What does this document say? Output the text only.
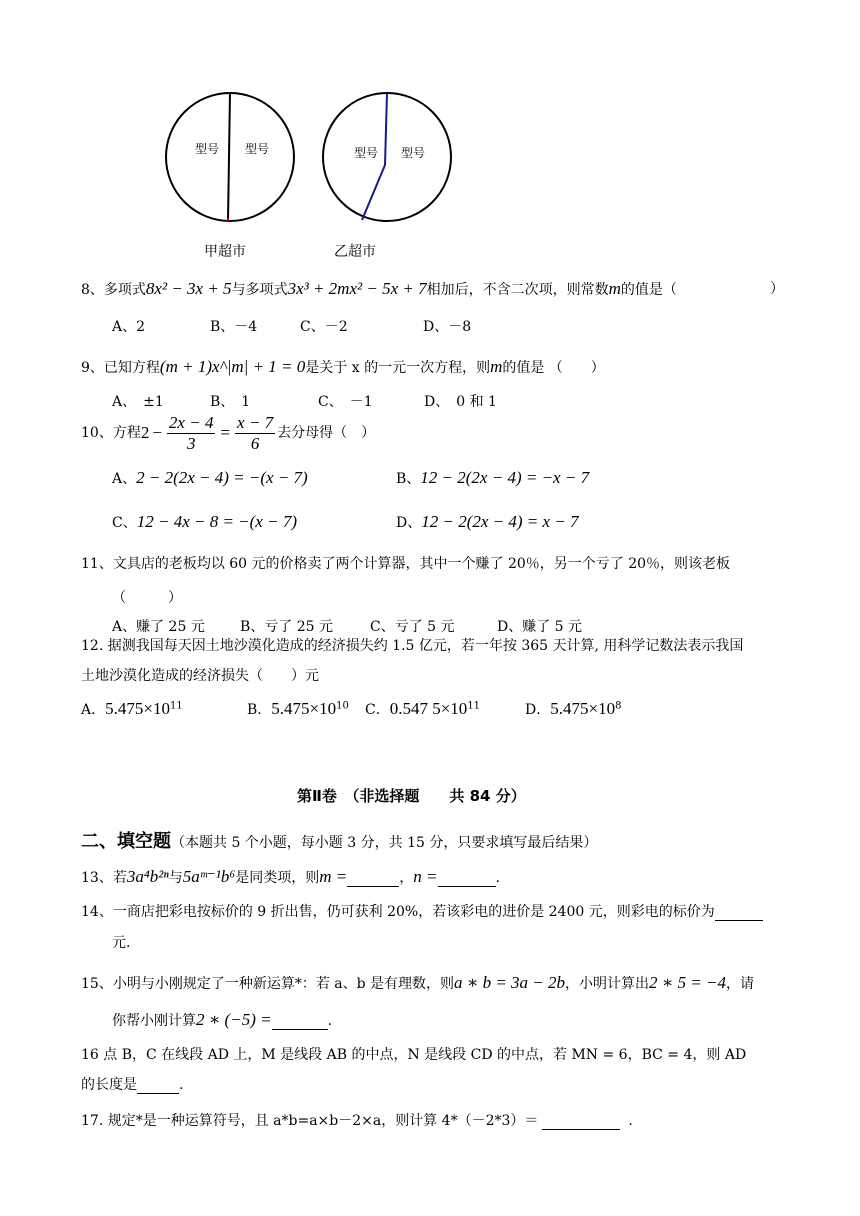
型号 型号	型号 型号
甲超市	乙超市
8、多项式8x² − 3x + 5与多项式3x³ + 2mx² − 5x + 7相加后，不含二次项，则常数m的值是（	）
A、2	B、－4	C、－2	D、－8
9、已知方程(m + 1)x^|m| + 1 = 0是关于 x 的一元一次方程，则m的值是 （　　）
A、　±1	B、　1	C、　－1	D、　0 和 1
10、 方程 $2 - \frac{2x - 4}{3} = \frac{x - 7}{6}$ 去分母得（　）
A、2 − 2(2x − 4) = −(x − 7)	B、12 − 2(2x − 4) = −x − 7
C、12 − 4x − 8 = −(x − 7)	D、12 − 2(2x − 4) = x − 7
11、文具店的老板均以 60 元的价格卖了两个计算器，其中一个赚了 20％，另一个亏了 20％，则该老板
（　　　）
A、赚了 25 元	B、亏了 25 元	C、亏了 5 元	D、赚了 5 元
12. 据测我国每天因土地沙漠化造成的经济损失约 1.5 亿元，若一年按 365 天计算, 用科学记数法表示我国
土地沙漠化造成的经济损失（　　）元
A．$5.475\times 10^{11}$	B．$5.475\times 10^{10}$ C．0.547 $5\times 10^{11}$	D．$5.475\times 10^8$
第Ⅱ卷　（非选择题　　共 84 分）
二、填空题（本题共 5 个小题，每小题 3 分，共 15 分，只要求填写最后结果）
13、若3a⁴b²ⁿ与5aᵐ⁻¹b⁶是同类项，则m =	，n =	.
14、一商店把彩电按标价的 9 折出售，仍可获利 20%，若该彩电的进价是 2400 元，则彩电的标价为
元.
15、小明与小刚规定了一种新运算*：若 a、b 是有理数，则a ∗ b = 3a − 2b，小明计算出2 ∗ 5 = −4，请
你帮小刚计算2 ∗ (−5) =	.
16 点 B，C 在线段 AD 上，M 是线段 AB 的中点，N 是线段 CD 的中点，若 MN = 6，BC = 4，则 AD
的长度是	.
17. 规定*是一种运算符号，且 a*b=a×b－2×a，则计算 4*（－2*3）＝	.
